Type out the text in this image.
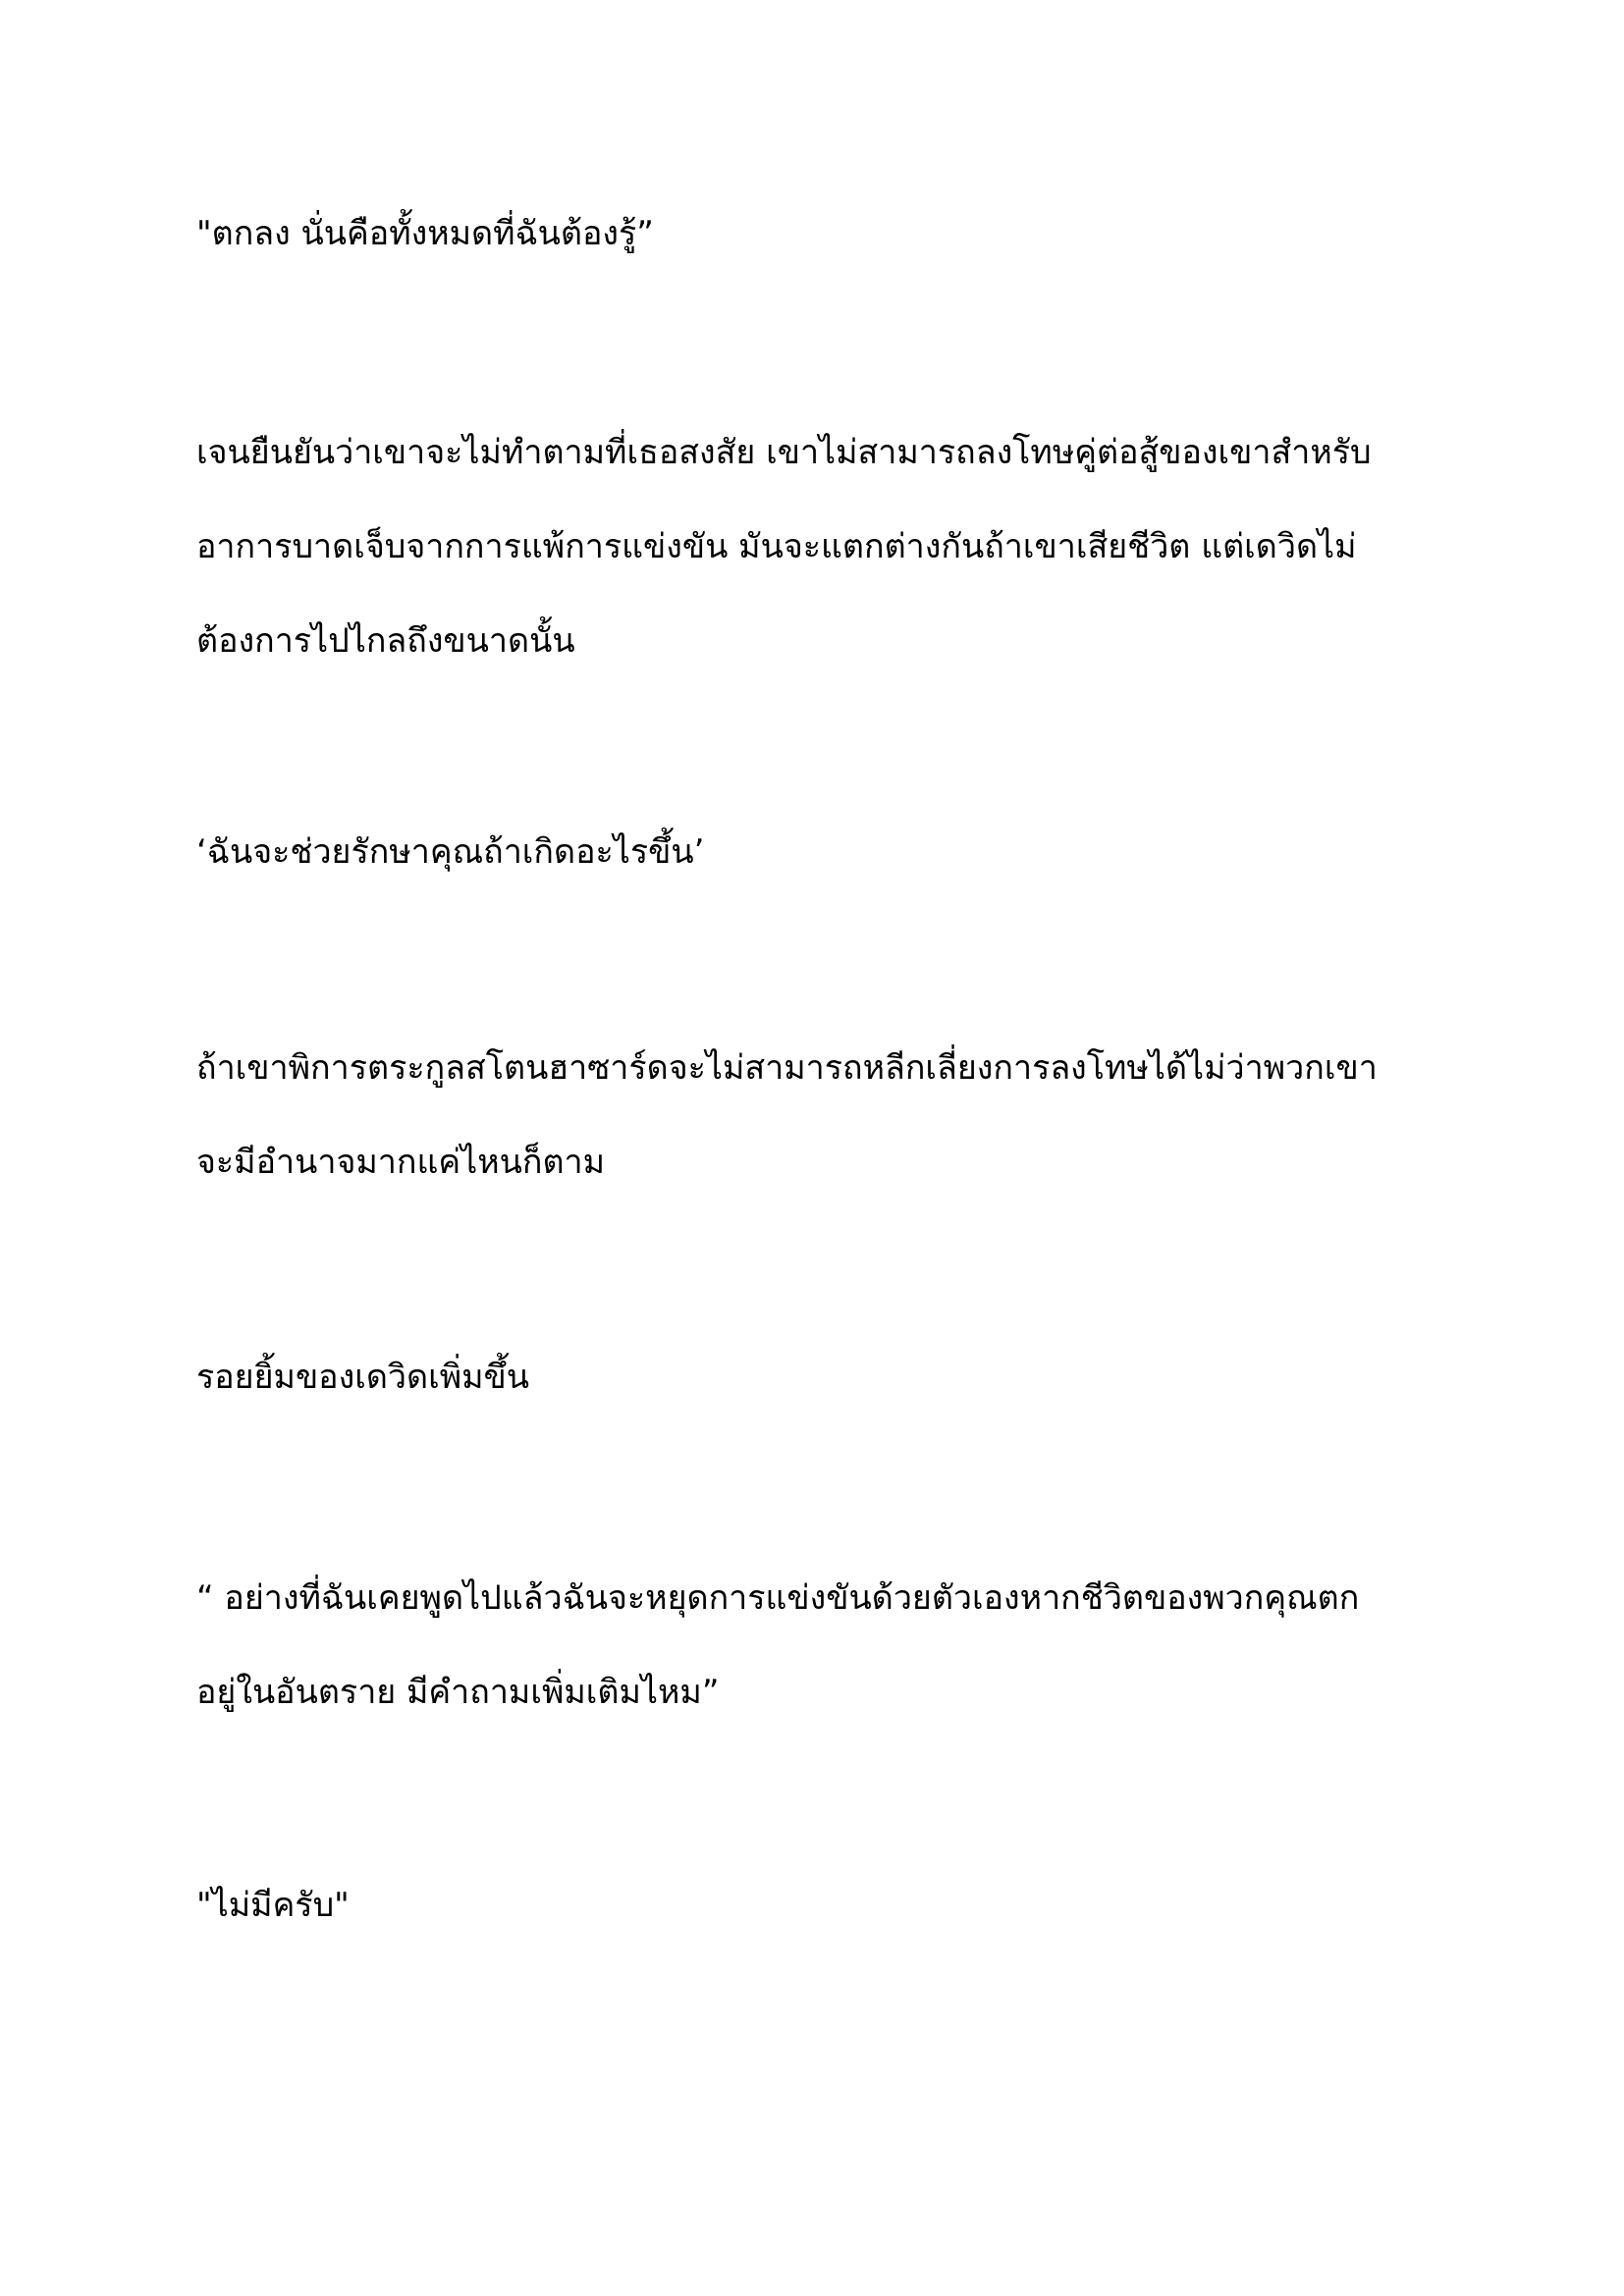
"ตกลง นั่นคือทั้งหมดที่ฉันต้องรู้”

เจนยืนยันว่าเขาจะไม่ทำตามที่เธอสงสัย เขาไม่สามารถลงโทษคู่ต่อสู้ของเขาสำหรับ
อาการบาดเจ็บจากการแพ้การแข่งขัน มันจะแตกต่างกันถ้าเขาเสียชีวิต แต่เดวิดไม่
ต้องการไปไกลถึงขนาดนั้น

‘ฉันจะช่วยรักษาคุณถ้าเกิดอะไรขึ้น’

ถ้าเขาพิการตระกูลสโตนฮาซาร์ดจะไม่สามารถหลีกเลี่ยงการลงโทษได้ไม่ว่าพวกเขา
จะมีอำนาจมากแค่ไหนก็ตาม

รอยยิ้มของเดวิดเพิ่มขึ้น

“ อย่างที่ฉันเคยพูดไปแล้วฉันจะหยุดการแข่งขันด้วยตัวเองหากชีวิตของพวกคุณตก
อยู่ในอันตราย มีคำถามเพิ่มเติมไหม”

"ไม่มีครับ"
